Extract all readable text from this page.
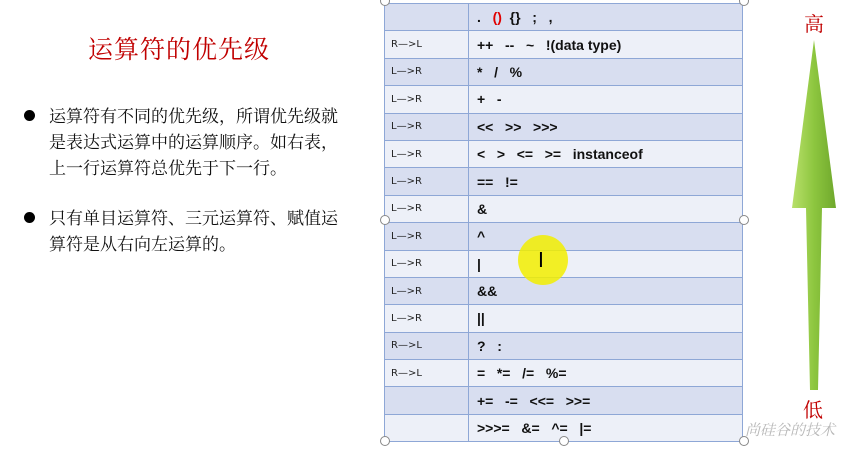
运算符的优先级
运算符有不同的优先级，所谓优先级就是表达式运算中的运算顺序。如右表，上一行运算符总优先于下一行。
只有单目运算符、三元运算符、赋值运算符是从右向左运算的。
	.   ()  {}   ;   ,
R—>L	++   --   ~   !(data type)
L—>R	*   /   %
L—>R	+   -
L—>R	<<   >>   >>>
L—>R	<   >   <=   >=   instanceof
L—>R	==   !=
L—>R	&
L—>R	^
L—>R	|
L—>R	&&
L—>R	||
R—>L	?   :
R—>L	=   *=   /=   %=
	+=   -=   <<=   >>=
	>>>=   &=   ^=   |=
I
高
低
尚硅谷的技术
